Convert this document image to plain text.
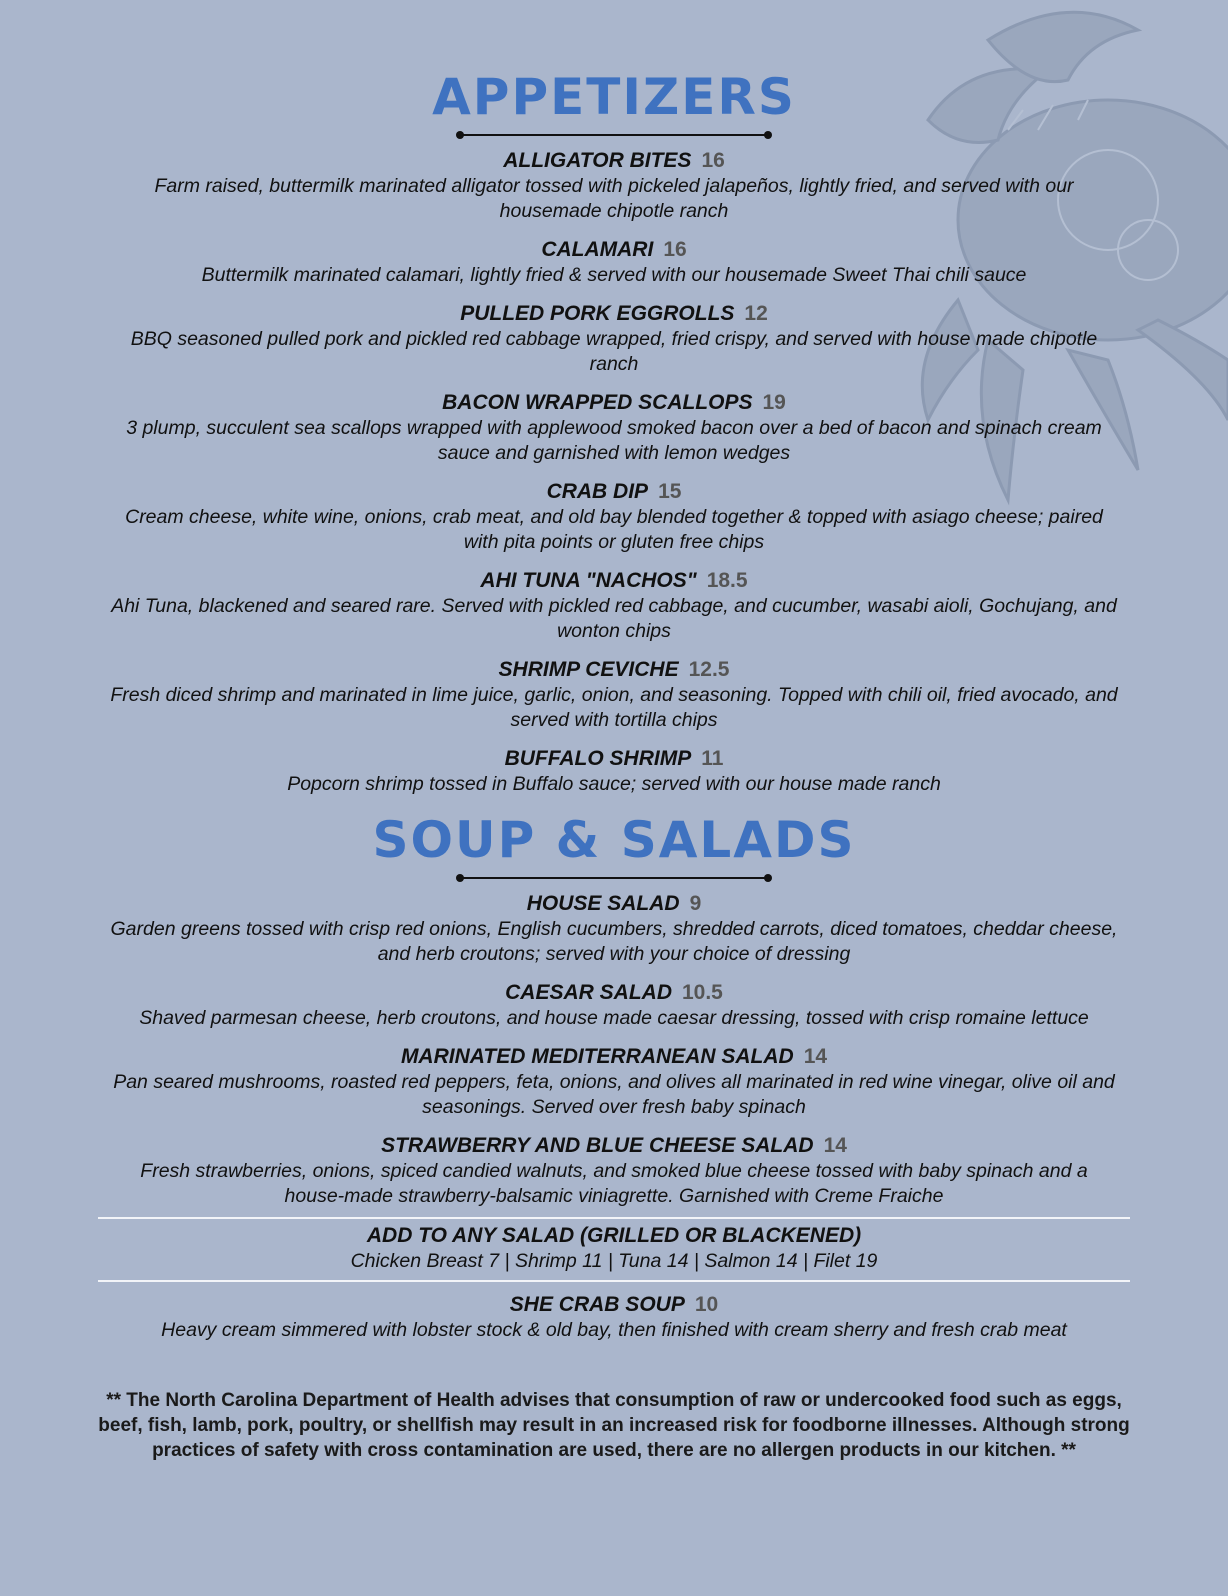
APPETIZERS

ALLIGATOR BITES 16

Farm raised, buttermilk marinated alligator tossed with pickeled jalapeños, lightly fried, and served with our housemade chipotle ranch

CALAMARI 16

Buttermilk marinated calamari, lightly fried & served with our housemade Sweet Thai chili sauce

PULLED PORK EGGROLLS 12

BBQ seasoned pulled pork and pickled red cabbage wrapped, fried crispy, and served with house made chipotle ranch

BACON WRAPPED SCALLOPS 19

3 plump, succulent sea scallops wrapped with applewood smoked bacon over a bed of bacon and spinach cream sauce and garnished with lemon wedges

CRAB DIP 15

Cream cheese, white wine, onions, crab meat, and old bay blended together & topped with asiago cheese; paired with pita points or gluten free chips

AHI TUNA "NACHOS" 18.5

Ahi Tuna, blackened and seared rare. Served with pickled red cabbage, and cucumber, wasabi aioli, Gochujang, and wonton chips

SHRIMP CEVICHE 12.5

Fresh diced shrimp and marinated in lime juice, garlic, onion, and seasoning. Topped with chili oil, fried avocado, and served with tortilla chips

BUFFALO SHRIMP 11

Popcorn shrimp tossed in Buffalo sauce; served with our house made ranch

SOUP & SALADS

HOUSE SALAD 9

Garden greens tossed with crisp red onions, English cucumbers, shredded carrots, diced tomatoes, cheddar cheese, and herb croutons; served with your choice of dressing

CAESAR SALAD 10.5

Shaved parmesan cheese, herb croutons, and house made caesar dressing, tossed with crisp romaine lettuce

MARINATED MEDITERRANEAN SALAD 14

Pan seared mushrooms, roasted red peppers, feta, onions, and olives all marinated in red wine vinegar, olive oil and seasonings. Served over fresh baby spinach

STRAWBERRY AND BLUE CHEESE SALAD 14

Fresh strawberries, onions, spiced candied walnuts, and smoked blue cheese tossed with baby spinach and a house-made strawberry-balsamic viniagrette. Garnished with Creme Fraiche

ADD TO ANY SALAD (GRILLED OR BLACKENED)

Chicken Breast 7 | Shrimp 11 | Tuna 14 | Salmon 14 | Filet 19

SHE CRAB SOUP 10

Heavy cream simmered with lobster stock & old bay, then finished with cream sherry and fresh crab meat

** The North Carolina Department of Health advises that consumption of raw or undercooked food such as eggs, beef, fish, lamb, pork, poultry, or shellfish may result in an increased risk for foodborne illnesses. Although strong practices of safety with cross contamination are used, there are no allergen products in our kitchen. **
